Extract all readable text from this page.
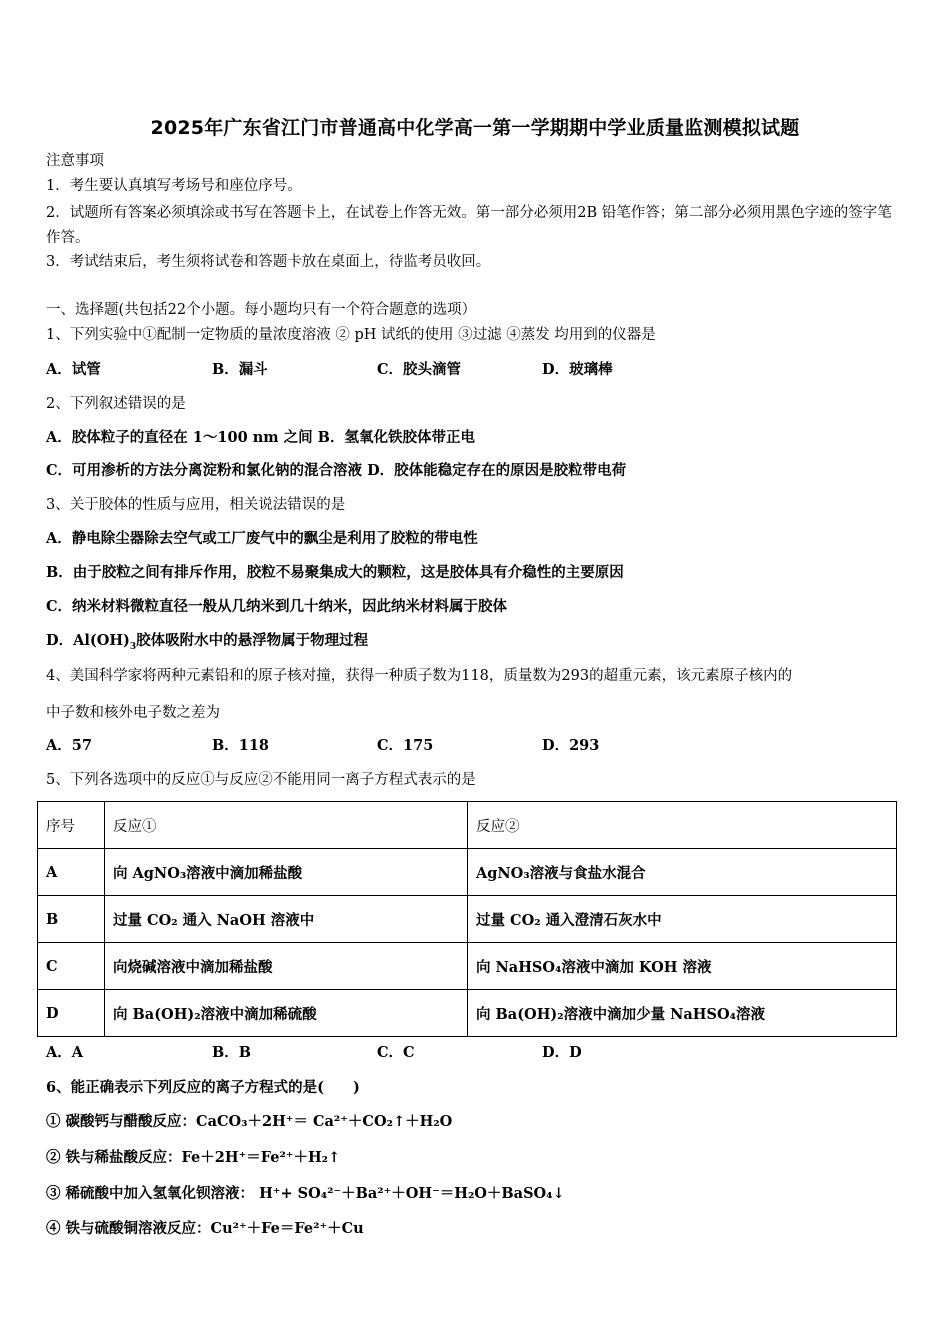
2025年广东省江门市普通高中化学高一第一学期期中学业质量监测模拟试题
注意事项
1．考生要认真填写考场号和座位序号。
2．试题所有答案必须填涂或书写在答题卡上，在试卷上作答无效。第一部分必须用2B 铅笔作答；第二部分必须用黑色字迹的签字笔作答。
3．考试结束后，考生须将试卷和答题卡放在桌面上，待监考员收回。
一、选择题(共包括22个小题。每小题均只有一个符合题意的选项）
1、下列实验中①配制一定物质的量浓度溶液 ② pH 试纸的使用 ③过滤 ④蒸发 均用到的仪器是
A．试管	B．漏斗	C．胶头滴管	D．玻璃棒
2、下列叙述错误的是
A．胶体粒子的直径在 1～100 nm 之间 B．氢氧化铁胶体带正电
C．可用渗析的方法分离淀粉和氯化钠的混合溶液 D．胶体能稳定存在的原因是胶粒带电荷
3、关于胶体的性质与应用，相关说法错误的是
A．静电除尘器除去空气或工厂废气中的飘尘是利用了胶粒的带电性
B．由于胶粒之间有排斥作用，胶粒不易聚集成大的颗粒，这是胶体具有介稳性的主要原因
C．纳米材料微粒直径一般从几纳米到几十纳米，因此纳米材料属于胶体
D．$Al(OH)_3$胶体吸附水中的悬浮物属于物理过程
4、美国科学家将两种元素铅和的原子核对撞，获得一种质子数为118，质量数为293的超重元素，该元素原子核内的
中子数和核外电子数之差为
A．57	B．118	C．175	D．293
5、下列各选项中的反应①与反应②不能用同一离子方程式表示的是
序号	反应①	反应②
A	向 AgNO₃溶液中滴加稀盐酸	AgNO₃溶液与食盐水混合
B	过量 CO₂ 通入 NaOH 溶液中	过量 CO₂ 通入澄清石灰水中
C	向烧碱溶液中滴加稀盐酸	向 NaHSO₄溶液中滴加 KOH 溶液
D	向 Ba(OH)₂溶液中滴加稀硫酸	向 Ba(OH)₂溶液中滴加少量 NaHSO₄溶液
A．A	B．B	C．C	D．D
6、能正确表示下列反应的离子方程式的是(　　)
① 碳酸钙与醋酸反应：CaCO₃＋2H⁺＝ Ca²⁺＋CO₂↑＋H₂O
② 铁与稀盐酸反应：Fe＋2H⁺＝Fe²⁺＋H₂↑
③ 稀硫酸中加入氢氧化钡溶液： H⁺+ SO₄²⁻＋Ba²⁺＋OH⁻＝H₂O＋BaSO₄↓
④ 铁与硫酸铜溶液反应：Cu²⁺＋Fe＝Fe²⁺＋Cu
